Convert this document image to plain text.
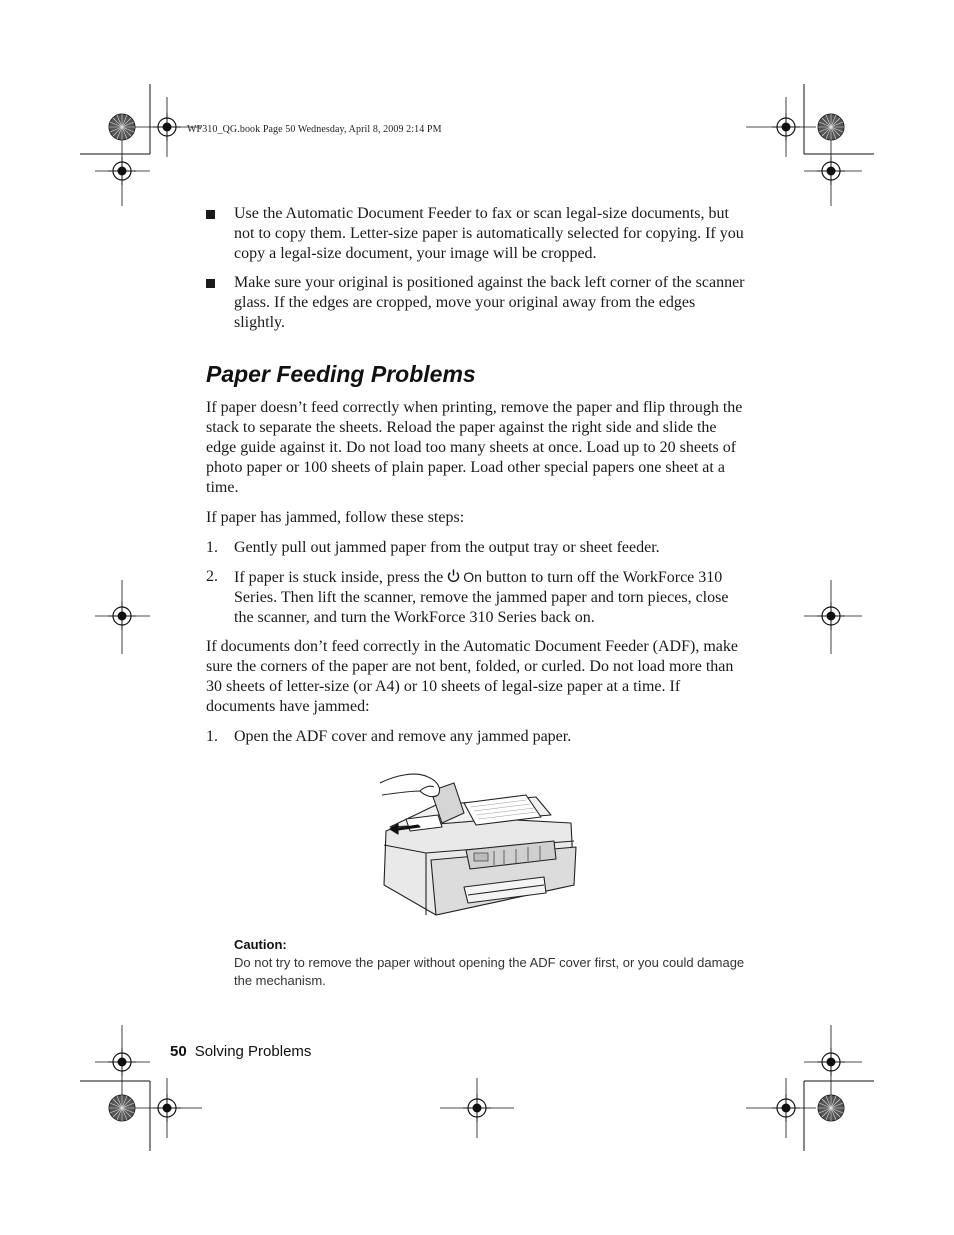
WF310_QG.book Page 50 Wednesday, April 8, 2009 2:14 PM
Use the Automatic Document Feeder to fax or scan legal-size documents, but not to copy them. Letter-size paper is automatically selected for copying. If you copy a legal-size document, your image will be cropped.
Make sure your original is positioned against the back left corner of the scanner glass. If the edges are cropped, move your original away from the edges slightly.
Paper Feeding Problems

If paper doesn’t feed correctly when printing, remove the paper and flip through the stack to separate the sheets. Reload the paper against the right side and slide the edge guide against it. Do not load too many sheets at once. Load up to 20 sheets of photo paper or 100 sheets of plain paper. Load other special papers one sheet at a time.

If paper has jammed, follow these steps:

1. Gently pull out jammed paper from the output tray or sheet feeder.
2. If paper is stuck inside, press the On button to turn off the WorkForce 310 Series. Then lift the scanner, remove the jammed paper and torn pieces, close the scanner, and turn the WorkForce 310 Series back on.

If documents don’t feed correctly in the Automatic Document Feeder (ADF), make sure the corners of the paper are not bent, folded, or curled. Do not load more than 30 sheets of letter-size (or A4) or 10 sheets of legal-size paper at a time. If documents have jammed:

1. Open the ADF cover and remove any jammed paper.
Caution:
Do not try to remove the paper without opening the ADF cover first, or you could damage the mechanism.
50 Solving Problems
